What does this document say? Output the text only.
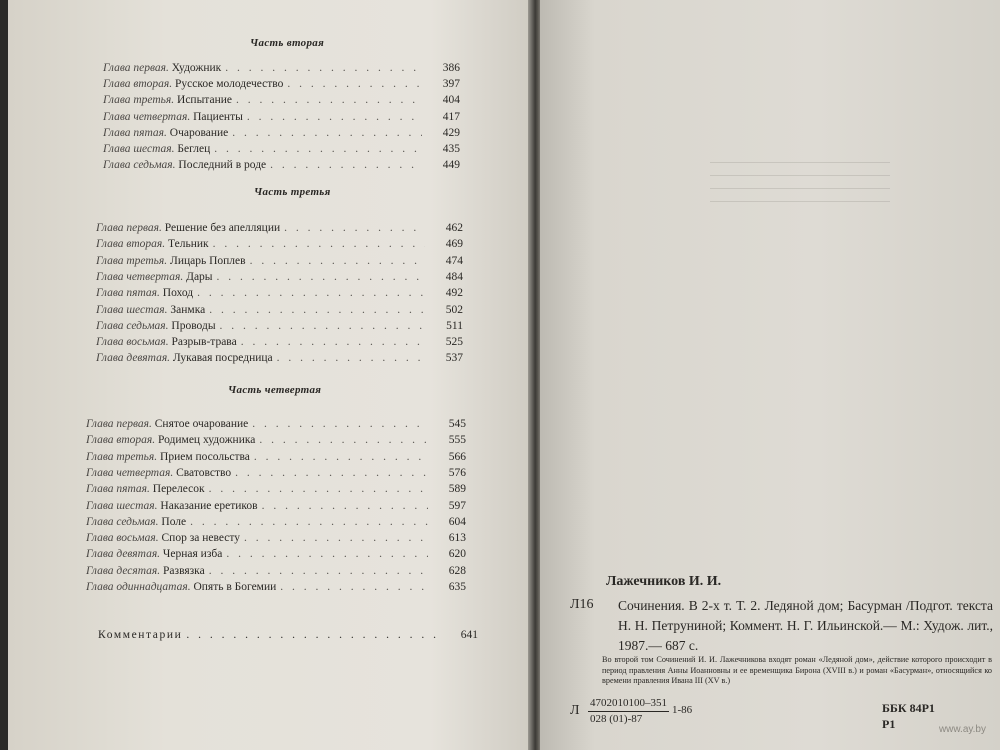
Часть вторая
Глава первая. Художник . . .	386
Глава вторая. Русское молодечество . . .	397
Глава третья. Испытание . . .	404
Глава четвертая. Пациенты . . .	417
Глава пятая. Очарование . . .	429
Глава шестая. Беглец . . .	435
Глава седьмая. Последний в роде . . .	449
Часть третья
Глава первая. Решение без апелляции . . .	462
Глава вторая. Тельник . . .	469
Глава третья. Лицарь Поплев . . .	474
Глава четвертая. Дары . . .	484
Глава пятая. Поход . . .	492
Глава шестая. Занмка . . .	502
Глава седьмая. Проводы . . .	511
Глава восьмая. Разрыв-трава . . .	525
Глава девятая. Лукавая посредница . . .	537
Часть четвертая
Глава первая. Снятое очарование . . .	545
Глава вторая. Родимец художника . . .	555
Глава третья. Прием посольства . . .	566
Глава четвертая. Сватовство . . .	576
Глава пятая. Перелесок . . .	589
Глава шестая. Наказание еретиков . . .	597
Глава седьмая. Поле . . .	604
Глава восьмая. Спор за невесту . . .	613
Глава девятая. Черная изба . . .	620
Глава десятая. Развязка . . .	628
Глава одиннадцатая. Опять в Богемии . . .	635
Комментарии . . .	641
Лажечников И. И.
Л16 Сочинения. В 2-х т. Т. 2. Ледяной дом; Басурман /Подгот. текста Н. Н. Петруниной; Коммент. Н. Г. Ильинской.— М.: Худож. лит., 1987.— 687 с.
Во второй том Сочинений И. И. Лажечникова входят роман «Ледяной дом», действие которого происходит в период правления Анны Иоанновны и ее временщика Бирона (XVIII в.) и роман «Басурман», относящийся ко времени правления Ивана III (XV в.)
Л $\frac{4702010100-351}{028 (01)-87} 1-86$	ББК 84Р1
Р1	www.ay.by
